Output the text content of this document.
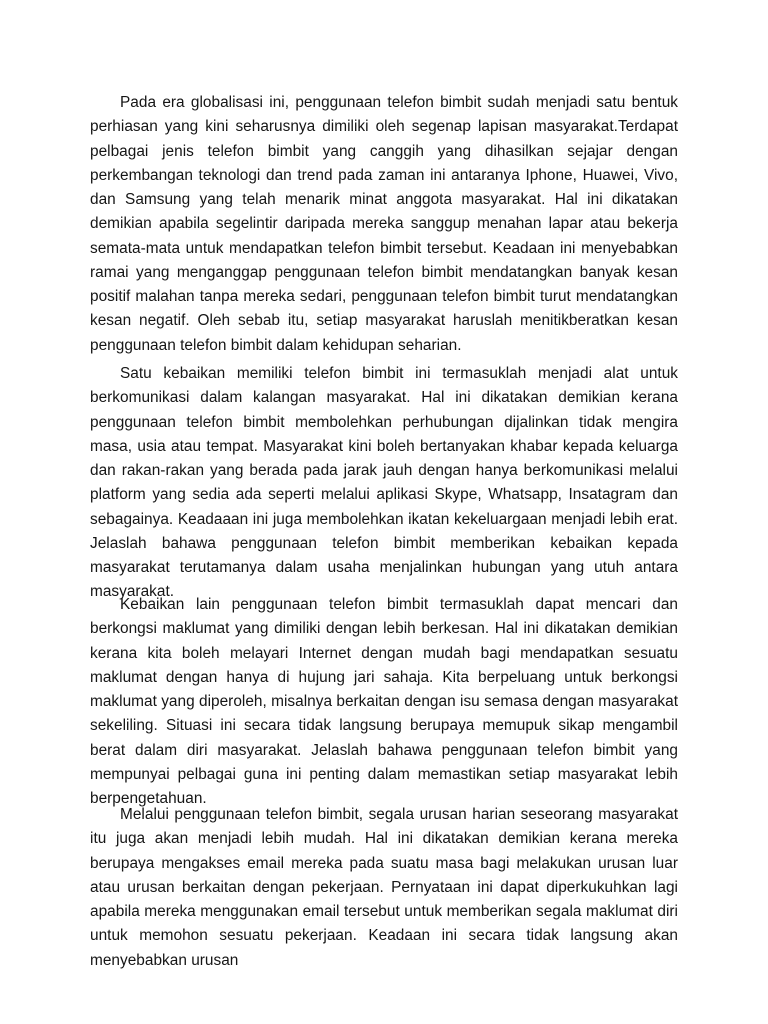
Pada era globalisasi ini, penggunaan telefon bimbit sudah menjadi satu bentuk perhiasan yang kini seharusnya dimiliki oleh segenap lapisan masyarakat.Terdapat pelbagai jenis telefon bimbit yang canggih yang dihasilkan sejajar dengan perkembangan teknologi dan trend pada zaman ini antaranya Iphone, Huawei, Vivo, dan Samsung yang telah menarik minat anggota masyarakat. Hal ini dikatakan demikian apabila segelintir daripada mereka sanggup menahan lapar atau bekerja semata-mata untuk mendapatkan telefon bimbit tersebut. Keadaan ini menyebabkan ramai yang menganggap penggunaan telefon bimbit mendatangkan banyak kesan positif malahan tanpa mereka sedari, penggunaan telefon bimbit turut mendatangkan kesan negatif. Oleh sebab itu, setiap masyarakat haruslah menitikberatkan kesan penggunaan telefon bimbit dalam kehidupan seharian.

Satu kebaikan memiliki telefon bimbit ini termasuklah menjadi alat untuk berkomunikasi dalam kalangan masyarakat. Hal ini dikatakan demikian kerana penggunaan telefon bimbit membolehkan perhubungan dijalinkan tidak mengira masa, usia atau tempat. Masyarakat kini boleh bertanyakan khabar kepada keluarga dan rakan-rakan yang berada pada jarak jauh dengan hanya berkomunikasi melalui platform yang sedia ada seperti melalui aplikasi Skype, Whatsapp, Insatagram dan sebagainya. Keadaaan ini juga membolehkan ikatan kekeluargaan menjadi lebih erat. Jelaslah bahawa penggunaan telefon bimbit memberikan kebaikan kepada masyarakat terutamanya dalam usaha menjalinkan hubungan yang utuh antara masyarakat.

Kebaikan lain penggunaan telefon bimbit termasuklah dapat mencari dan berkongsi maklumat yang dimiliki dengan lebih berkesan. Hal ini dikatakan demikian kerana kita boleh melayari Internet dengan mudah bagi mendapatkan sesuatu maklumat dengan hanya di hujung jari sahaja. Kita berpeluang untuk berkongsi maklumat yang diperoleh, misalnya berkaitan dengan isu semasa dengan masyarakat sekeliling. Situasi ini secara tidak langsung berupaya memupuk sikap mengambil berat dalam diri masyarakat. Jelaslah bahawa penggunaan telefon bimbit yang mempunyai pelbagai guna ini penting dalam memastikan setiap masyarakat lebih berpengetahuan.

Melalui penggunaan telefon bimbit, segala urusan harian seseorang masyarakat itu juga akan menjadi lebih mudah. Hal ini dikatakan demikian kerana mereka berupaya mengakses email mereka pada suatu masa bagi melakukan urusan luar atau urusan berkaitan dengan pekerjaan. Pernyataan ini dapat diperkukuhkan lagi apabila mereka menggunakan email tersebut untuk memberikan segala maklumat diri untuk memohon sesuatu pekerjaan. Keadaan ini secara tidak langsung akan menyebabkan urusan
